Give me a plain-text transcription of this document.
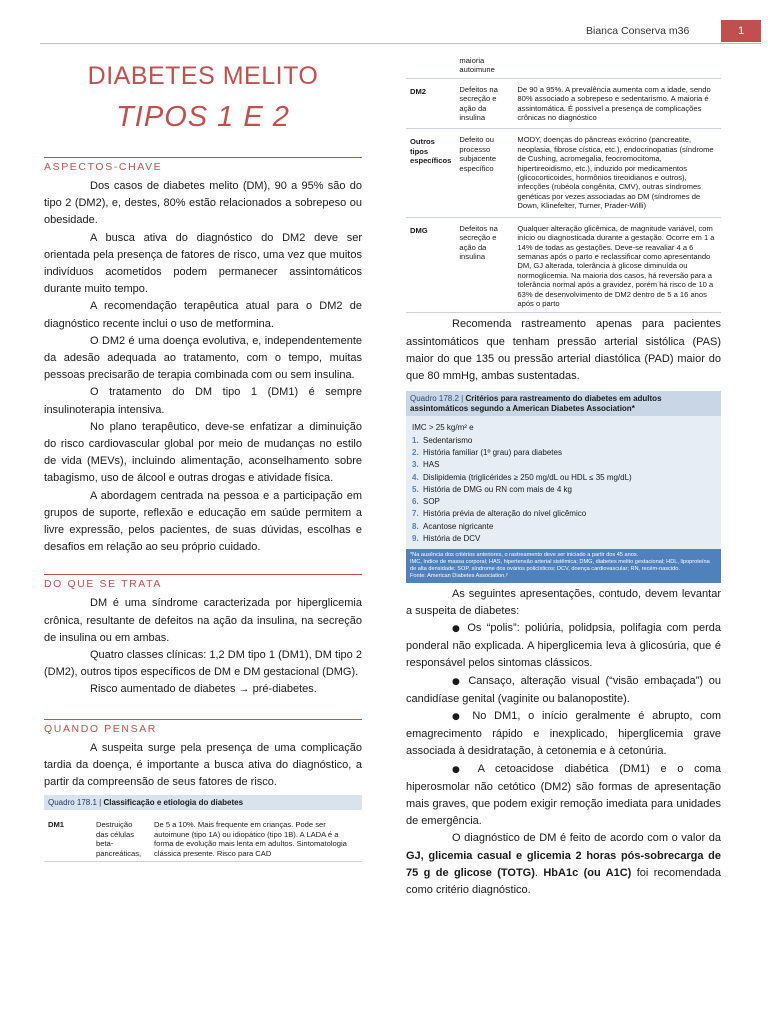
Bianca Conserva m36	1
DIABETES MELITO
TIPOS 1 E 2
ASPECTOS-CHAVE

Dos casos de diabetes melito (DM), 90 a 95% são do tipo 2 (DM2), e, destes, 80% estão relacionados a sobrepeso ou obesidade.

A busca ativa do diagnóstico do DM2 deve ser orientada pela presença de fatores de risco, uma vez que muitos indivíduos acometidos podem permanecer assintomáticos durante muito tempo.

A recomendação terapêutica atual para o DM2 de diagnóstico recente inclui o uso de metformina.

O DM2 é uma doença evolutiva, e, independentemente da adesão adequada ao tratamento, com o tempo, muitas pessoas precisarão de terapia combinada com ou sem insulina.

O tratamento do DM tipo 1 (DM1) é sempre insulinoterapia intensiva.

No plano terapêutico, deve-se enfatizar a diminuição do risco cardiovascular global por meio de mudanças no estilo de vida (MEVs), incluindo alimentação, aconselhamento sobre tabagismo, uso de álcool e outras drogas e atividade física.

A abordagem centrada na pessoa e a participação em grupos de suporte, reflexão e educação em saúde permitem a livre expressão, pelos pacientes, de suas dúvidas, escolhas e desafios em relação ao seu próprio cuidado.

DO QUE SE TRATA

DM é uma síndrome caracterizada por hiperglicemia crônica, resultante de defeitos na ação da insulina, na secreção de insulina ou em ambas.

Quatro classes clínicas: 1,2 DM tipo 1 (DM1), DM tipo 2 (DM2), outros tipos específicos de DM e DM gestacional (DMG).

Risco aumentado de diabetes → pré-diabetes.

QUANDO PENSAR

A suspeita surge pela presença de uma complicação tardia da doença, é importante a busca ativa do diagnóstico, a partir da compreensão de seus fatores de risco.

Quadro 178.1 | Classificação e etiologia do diabetes
DM1	Destruição das células beta-pancreáticas,	De 5 a 10%. Mais frequente em crianças. Pode ser autoimune (tipo 1A) ou idiopático (tipo 1B). A LADA é a forma de evolução mais lenta em adultos. Sintomatologia clássica presente. Risco para CAD
	maioria autoimune	
DM2	Defeitos na secreção e ação da insulina	De 90 a 95%. A prevalência aumenta com a idade, sendo 80% associado a sobrepeso e sedentarismo. A maioria é assintomática. É possível a presença de complicações crônicas no diagnóstico
Outros tipos específicos	Defeito ou processo subjacente específico	MODY, doenças do pâncreas exócrino (pancreatite, neoplasia, fibrose cística, etc.), endocrinopatias (síndrome de Cushing, acromegalia, feocromocitoma, hipertireoidismo, etc.), induzido por medicamentos (glicocorticoides, hormônios tireoidianos e outros), infecções (rubéola congênita, CMV), outras síndromes genéticas por vezes associadas ao DM (síndromes de Down, Klinefelter, Turner, Prader-Willi)
DMG	Defeitos na secreção e ação da insulina	Qualquer alteração glicêmica, de magnitude variável, com início ou diagnosticada durante a gestação. Ocorre em 1 a 14% de todas as gestações. Deve-se reavaliar 4 a 6 semanas após o parto e reclassificar como apresentando DM, GJ alterada, tolerância à glicose diminuída ou normoglicemia. Na maioria dos casos, há reversão para a tolerância normal após a gravidez, porém há risco de 10 a 63% de desenvolvimento de DM2 dentro de 5 a 16 anos após o parto

Recomenda rastreamento apenas para pacientes assintomáticos que tenham pressão arterial sistólica (PAS) maior do que 135 ou pressão arterial diastólica (PAD) maior do que 80 mmHg, ambas sustentadas.

Quadro 178.2 | Critérios para rastreamento do diabetes em adultos assintomáticos segundo a American Diabetes Association*
IMC > 25 kg/m² e
1. Sedentarismo
2. História familiar (1º grau) para diabetes
3. HAS
4. Dislipidemia (triglicérides ≥ 250 mg/dL ou HDL ≤ 35 mg/dL)
5. História de DMG ou RN com mais de 4 kg
6. SOP
7. História prévia de alteração do nível glicêmico
8. Acantose nigricante
9. História de DCV
*Na ausência dos critérios anteriores, o rastreamento deve ser iniciado a partir dos 45 anos.
IMC, índice de massa corporal; HAS, hipertensão arterial sistêmica; DMG, diabetes melito gestacional; HDL, lipoproteína de alta densidade; SOP, síndrome dos ovários policísticos; DCV, doença cardiovascular; RN, recém-nascido.
Fonte: American Diabetes Association.²

As seguintes apresentações, contudo, devem levantar a suspeita de diabetes:

● Os “polis”: poliúria, polidpsia, polifagia com perda ponderal não explicada. A hiperglicemia leva à glicosúria, que é responsável pelos sintomas clássicos.

● Cansaço, alteração visual (“visão embaçada”) ou candidíase genital (vaginite ou balanopostite).

● No DM1, o início geralmente é abrupto, com emagrecimento rápido e inexplicado, hiperglicemia grave associada à desidratação, à cetonemia e à cetonúria.

● A cetoacidose diabética (DM1) e o coma hiperosmolar não cetótico (DM2) são formas de apresentação mais graves, que podem exigir remoção imediata para unidades de emergência.

O diagnóstico de DM é feito de acordo com o valor da GJ, glicemia casual e glicemia 2 horas pós-sobrecarga de 75 g de glicose (TOTG). HbA1c (ou A1C) foi recomendada como critério diagnóstico.
